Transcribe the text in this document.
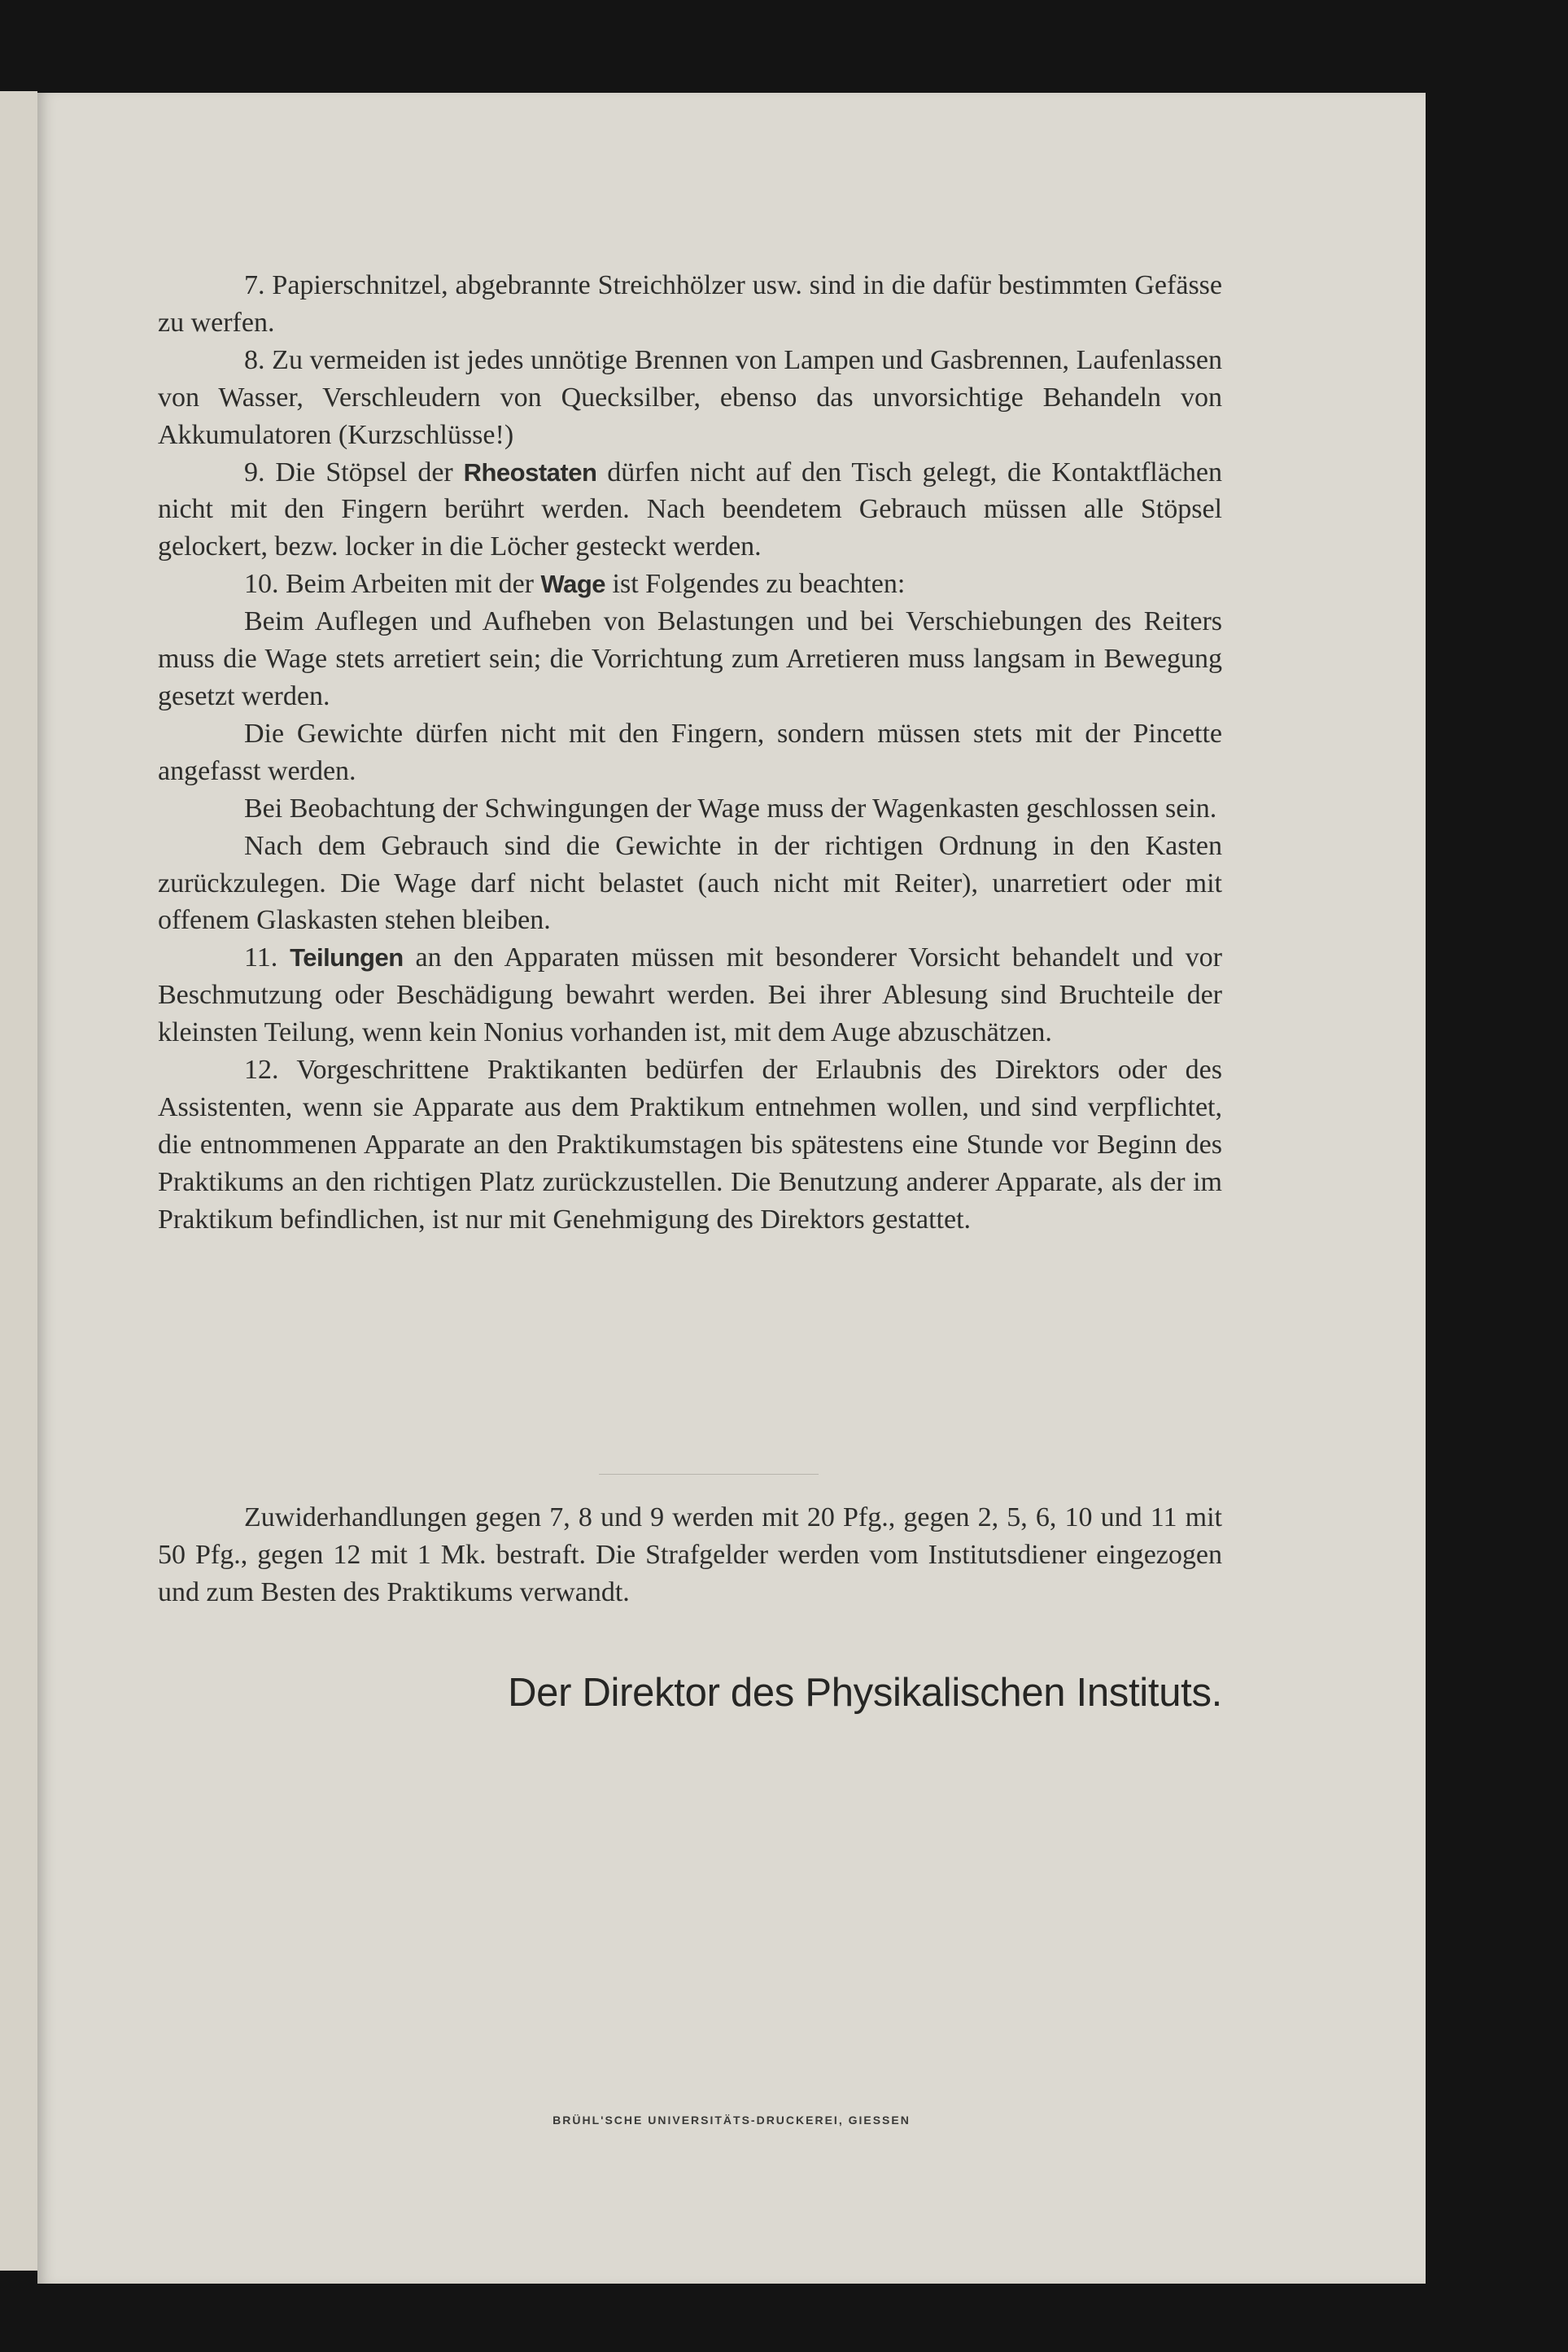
7. Papierschnitzel, abgebrannte Streichhölzer usw. sind in die dafür bestimmten Gefässe zu werfen.

8. Zu vermeiden ist jedes unnötige Brennen von Lampen und Gasbrennen, Laufenlassen von Wasser, Verschleudern von Quecksilber, ebenso das unvorsichtige Behandeln von Akkumulatoren (Kurzschlüsse!)

9. Die Stöpsel der Rheostaten dürfen nicht auf den Tisch gelegt, die Kontaktflächen nicht mit den Fingern berührt werden. Nach beendetem Gebrauch müssen alle Stöpsel gelockert, bezw. locker in die Löcher gesteckt werden.

10. Beim Arbeiten mit der Wage ist Folgendes zu beachten:

Beim Auflegen und Aufheben von Belastungen und bei Verschiebungen des Reiters muss die Wage stets arretiert sein; die Vorrichtung zum Arretieren muss langsam in Bewegung gesetzt werden.

Die Gewichte dürfen nicht mit den Fingern, sondern müssen stets mit der Pincette angefasst werden.

Bei Beobachtung der Schwingungen der Wage muss der Wagenkasten geschlossen sein.

Nach dem Gebrauch sind die Gewichte in der richtigen Ordnung in den Kasten zurückzulegen. Die Wage darf nicht belastet (auch nicht mit Reiter), unarretiert oder mit offenem Glaskasten stehen bleiben.

11. Teilungen an den Apparaten müssen mit besonderer Vorsicht behandelt und vor Beschmutzung oder Beschädigung bewahrt werden. Bei ihrer Ablesung sind Bruchteile der kleinsten Teilung, wenn kein Nonius vorhanden ist, mit dem Auge abzuschätzen.

12. Vorgeschrittene Praktikanten bedürfen der Erlaubnis des Direktors oder des Assistenten, wenn sie Apparate aus dem Praktikum entnehmen wollen, und sind verpflichtet, die entnommenen Apparate an den Praktikumstagen bis spätestens eine Stunde vor Beginn des Praktikums an den richtigen Platz zurückzustellen. Die Benutzung anderer Apparate, als der im Praktikum befindlichen, ist nur mit Genehmigung des Direktors gestattet.

Zuwiderhandlungen gegen 7, 8 und 9 werden mit 20 Pfg., gegen 2, 5, 6, 10 und 11 mit 50 Pfg., gegen 12 mit 1 Mk. bestraft. Die Strafgelder werden vom Institutsdiener eingezogen und zum Besten des Praktikums verwandt.

Der Direktor des Physikalischen Instituts.
BRÜHL'SCHE UNIVERSITÄTS-DRUCKEREI, GIESSEN
